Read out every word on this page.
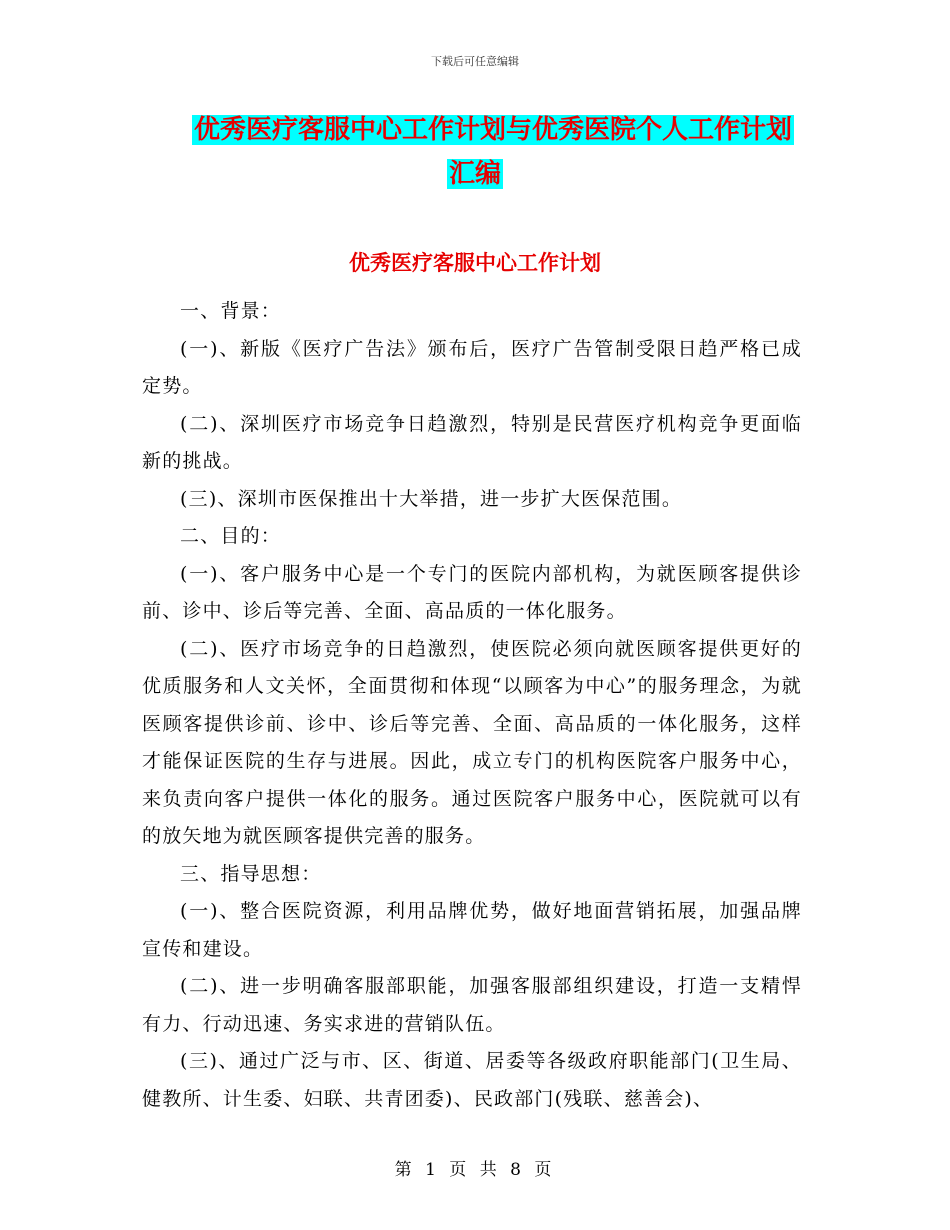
下载后可任意编辑
优秀医疗客服中心工作计划与优秀医院个人工作计划
汇编
优秀医疗客服中心工作计划

一、背景：

(一)、新版《医疗广告法》颁布后，医疗广告管制受限日趋严格已成定势。

(二)、深圳医疗市场竞争日趋激烈，特别是民营医疗机构竞争更面临新的挑战。

(三)、深圳市医保推出十大举措，进一步扩大医保范围。

二、目的：

(一)、客户服务中心是一个专门的医院内部机构，为就医顾客提供诊前、诊中、诊后等完善、全面、高品质的一体化服务。

(二)、医疗市场竞争的日趋激烈，使医院必须向就医顾客提供更好的优质服务和人文关怀，全面贯彻和体现“以顾客为中心”的服务理念，为就医顾客提供诊前、诊中、诊后等完善、全面、高品质的一体化服务，这样才能保证医院的生存与进展。因此，成立专门的机构医院客户服务中心，来负责向客户提供一体化的服务。通过医院客户服务中心，医院就可以有的放矢地为就医顾客提供完善的服务。

三、指导思想：

(一)、整合医院资源，利用品牌优势，做好地面营销拓展，加强品牌宣传和建设。

(二)、进一步明确客服部职能，加强客服部组织建设，打造一支精悍有力、行动迅速、务实求进的营销队伍。

(三)、通过广泛与市、区、街道、居委等各级政府职能部门(卫生局、健教所、计生委、妇联、共青团委)、民政部门(残联、慈善会)、

第 1 页 共 8 页
